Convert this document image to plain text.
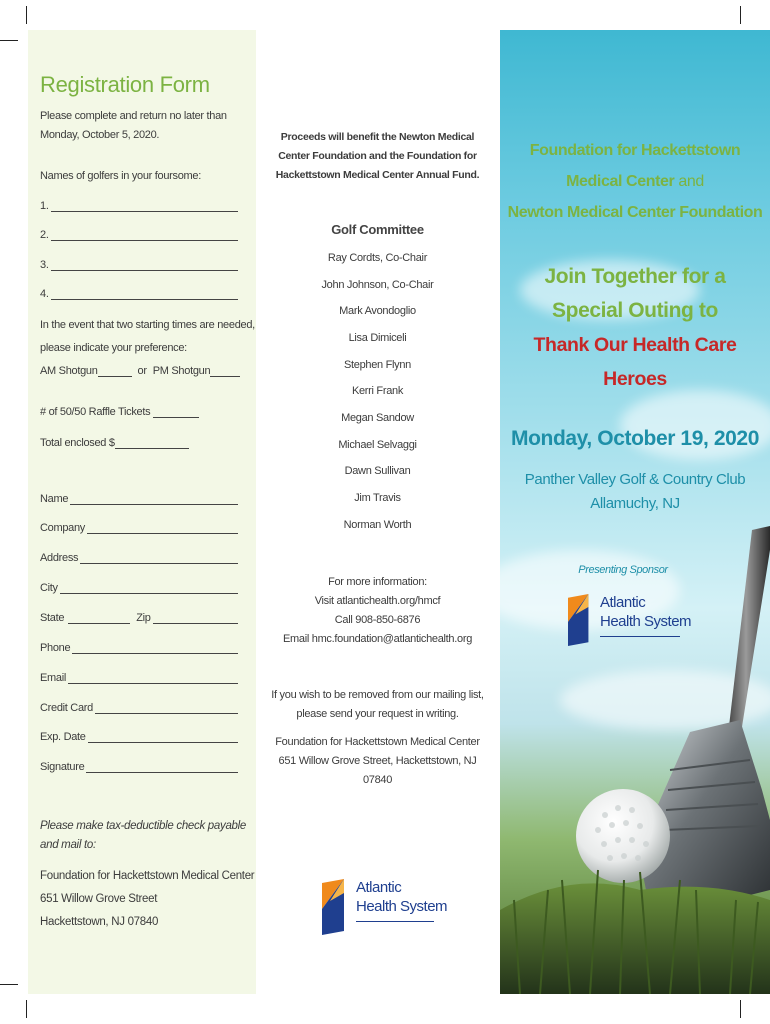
Registration Form
Please complete and return no later than
Monday, October 5, 2020.
Names of golfers in your foursome:
1.
2.
3.
4.
In the event that two starting times are needed,
please indicate your preference:
AM Shotgun	or PM Shotgun
# of 50/50 Raffle Tickets
Total enclosed $
Name
Company
Address
City
State	Zip
Phone
Email
Credit Card
Exp. Date
Signature
Please make tax-deductible check payable
and mail to:
Foundation for Hackettstown Medical Center
651 Willow Grove Street
Hackettstown, NJ 07840
Proceeds will benefit the Newton Medical
Center Foundation and the Foundation for
Hackettstown Medical Center Annual Fund.
Golf Committee
Ray Cordts, Co-Chair
John Johnson, Co-Chair
Mark Avondoglio
Lisa Dimiceli
Stephen Flynn
Kerri Frank
Megan Sandow
Michael Selvaggi
Dawn Sullivan
Jim Travis
Norman Worth
For more information:
Visit atlantichealth.org/hmcf
Call 908-850-6876
Email hmc.foundation@atlantichealth.org
If you wish to be removed from our mailing list,
please send your request in writing.
Foundation for Hackettstown Medical Center
651 Willow Grove Street, Hackettstown, NJ 07840
Atlantic
Health System
Foundation for Hackettstown
Medical Center and
Newton Medical Center Foundation
Join Together for a
Special Outing to
Thank Our Health Care Heroes
Monday, October 19, 2020
Panther Valley Golf & Country Club
Allamuchy, NJ
Presenting Sponsor
Atlantic
Health System
